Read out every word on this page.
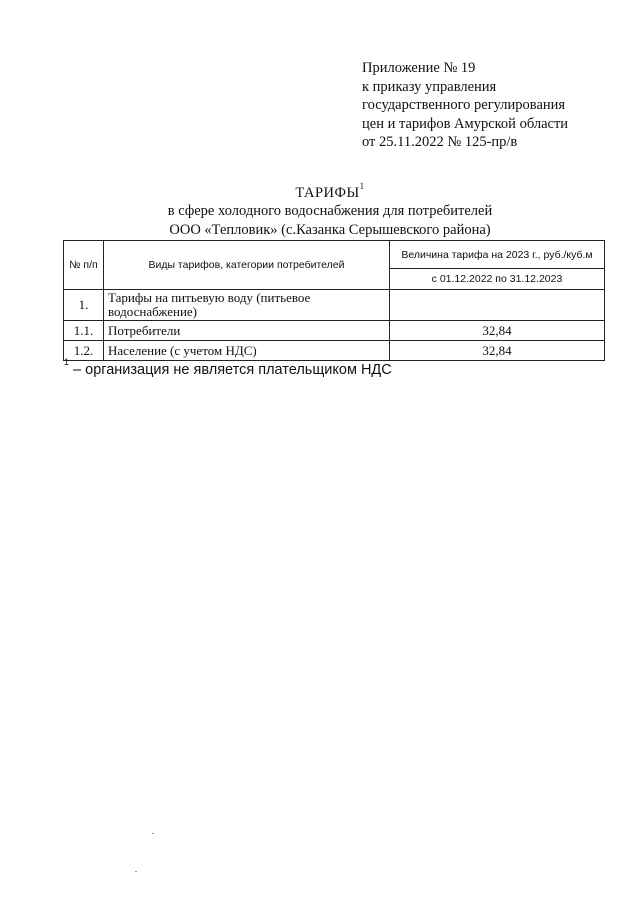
Приложение № 19
к приказу управления
государственного регулирования
цен и тарифов Амурской области
от 25.11.2022 № 125-пр/в
ТАРИФЫ$^1$
в сфере холодного водоснабжения для потребителей
ООО «Тепловик» (с.Казанка Серышевского района)
№ п/п	Виды тарифов, категории потребителей	Величина тарифа на 2023 г., руб./куб.м
		с 01.12.2022 по 31.12.2023
1.	Тарифы на питьевую воду (питьевое водоснабжение)	
1.1.	Потребители	32,84
1.2.	Население (с учетом НДС)	32,84
$^1$ – организация не является плательщиком НДС
